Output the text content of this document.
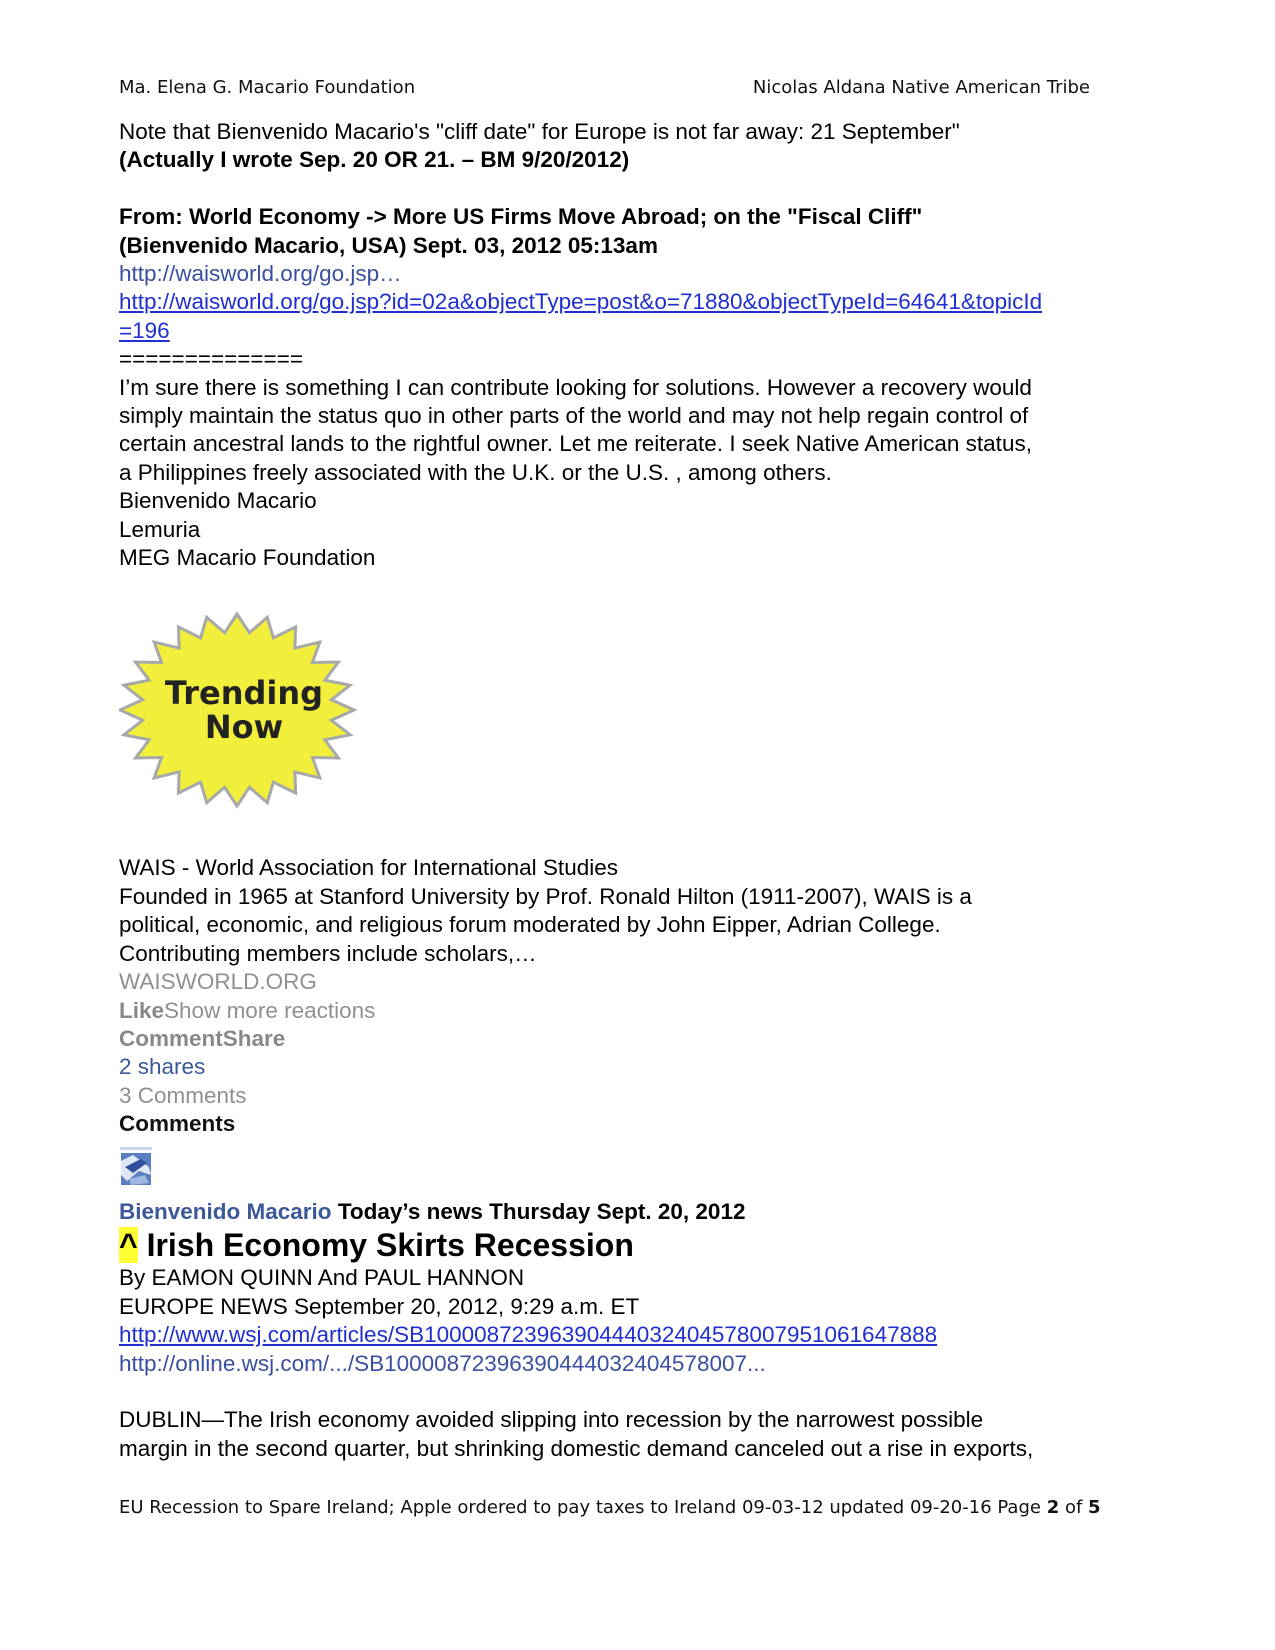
Ma. Elena G. Macario Foundation	Nicolas Aldana Native American Tribe
Note that Bienvenido Macario's "cliff date" for Europe is not far away: 21 September"
(Actually I wrote Sep. 20 OR 21. – BM 9/20/2012)
From: World Economy -> More US Firms Move Abroad; on the "Fiscal Cliff"
(Bienvenido Macario, USA) Sept. 03, 2012 05:13am
http://waisworld.org/go.jsp…
http://waisworld.org/go.jsp?id=02a&objectType=post&o=71880&objectTypeId=64641&topicId
=196
==============
I’m sure there is something I can contribute looking for solutions. However a recovery would
simply maintain the status quo in other parts of the world and may not help regain control of
certain ancestral lands to the rightful owner. Let me reiterate. I seek Native American status,
a Philippines freely associated with the U.K. or the U.S. , among others.
Bienvenido Macario
Lemuria
MEG Macario Foundation
Trending
Now
WAIS - World Association for International Studies
Founded in 1965 at Stanford University by Prof. Ronald Hilton (1911-2007), WAIS is a
political, economic, and religious forum moderated by John Eipper, Adrian College.
Contributing members include scholars,…
WAISWORLD.ORG
LikeShow more reactions
CommentShare
2 shares
3 Comments
Comments
Bienvenido Macario Today’s news Thursday Sept. 20, 2012
^ Irish Economy Skirts Recession
By EAMON QUINN And PAUL HANNON
EUROPE NEWS September 20, 2012, 9:29 a.m. ET
http://www.wsj.com/articles/SB10000872396390444032404578007951061647888
http://online.wsj.com/.../SB10000872396390444032404578007...
DUBLIN—The Irish economy avoided slipping into recession by the narrowest possible
margin in the second quarter, but shrinking domestic demand canceled out a rise in exports,
EU Recession to Spare Ireland; Apple ordered to pay taxes to Ireland 09-03-12 updated 09-20-16 Page 2 of 5
